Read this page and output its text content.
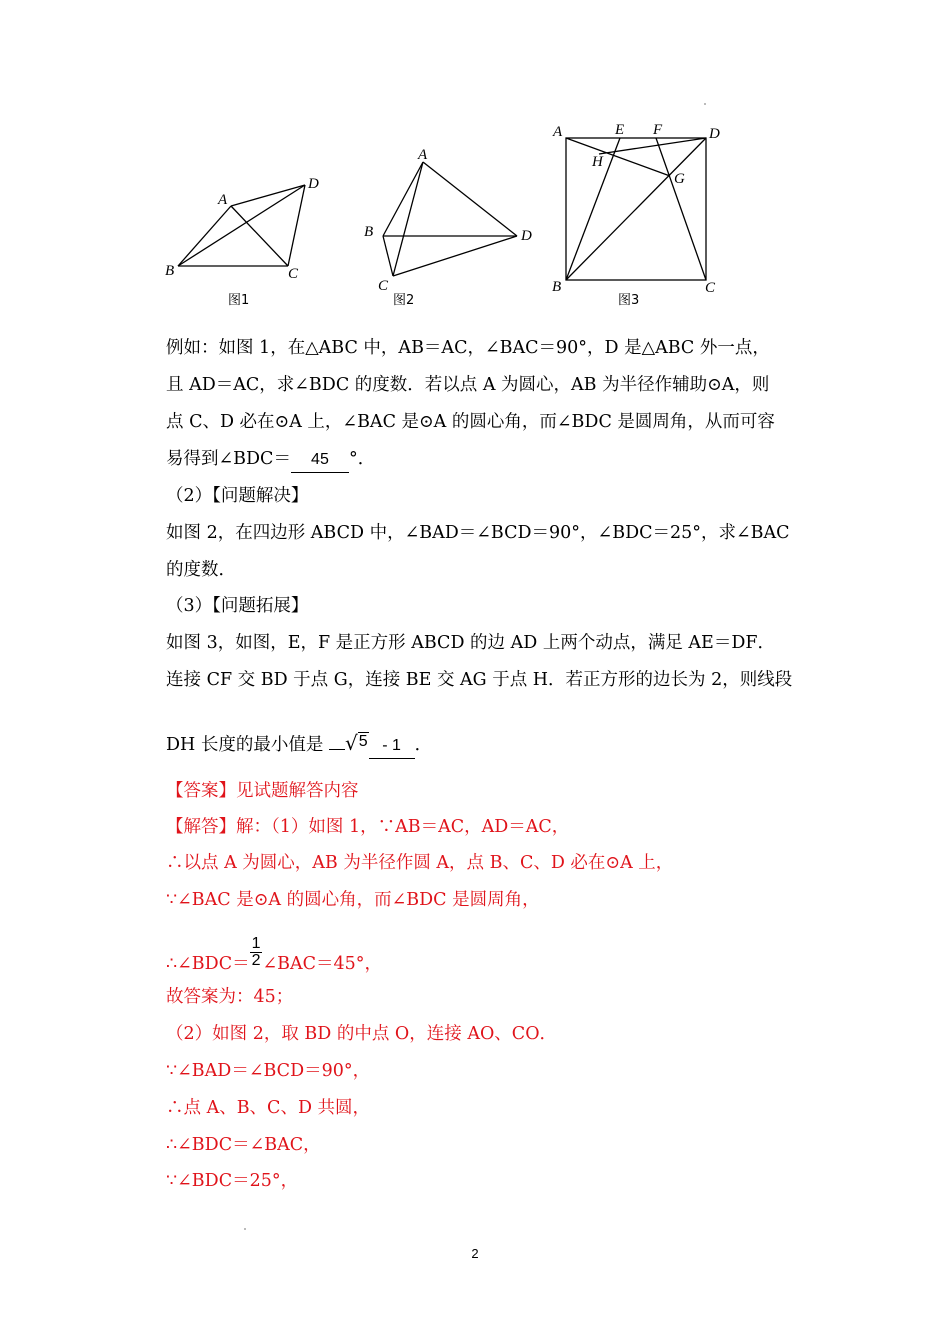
A
B	C
D
图1
A
B
C
D
图2
A	E F	D
H
G
B	C
图3
例如：如图 1，在△ABC 中，AB＝AC，∠BAC＝90°，D 是△ABC 外一点，
且 AD＝AC，求∠BDC 的度数．若以点 A 为圆心，AB 为半径作辅助⊙A，则
点 C、D 必在⊙A 上，∠BAC 是⊙A 的圆心角，而∠BDC 是圆周角，从而可容
易得到∠BDC＝ 45 °．
（2）【问题解决】
如图 2，在四边形 ABCD 中，∠BAD＝∠BCD＝90°，∠BDC＝25°，求∠BAC
的度数．
（3）【问题拓展】
如图 3，如图，E，F 是正方形 ABCD 的边 AD 上两个动点，满足 AE＝DF．
连接 CF 交 BD 于点 G，连接 BE 交 AG 于点 H．若正方形的边长为 2，则线段
DH 长度的最小值是 √5 - 1 ．
【答案】见试题解答内容
【解答】解：（1）如图 1，∵AB＝AC，AD＝AC，
∴以点 A 为圆心，AB 为半径作圆 A，点 B、C、D 必在⊙A 上，
∵∠BAC 是⊙A 的圆心角，而∠BDC 是圆周角，
∴∠BDC＝ $\frac{1}{2}$ ∠BAC＝45°，
故答案为：45；
（2）如图 2，取 BD 的中点 O，连接 AO、CO．
∵∠BAD＝∠BCD＝90°，
∴点 A、B、C、D 共圆，
∴∠BDC＝∠BAC，
∵∠BDC＝25°，
2
